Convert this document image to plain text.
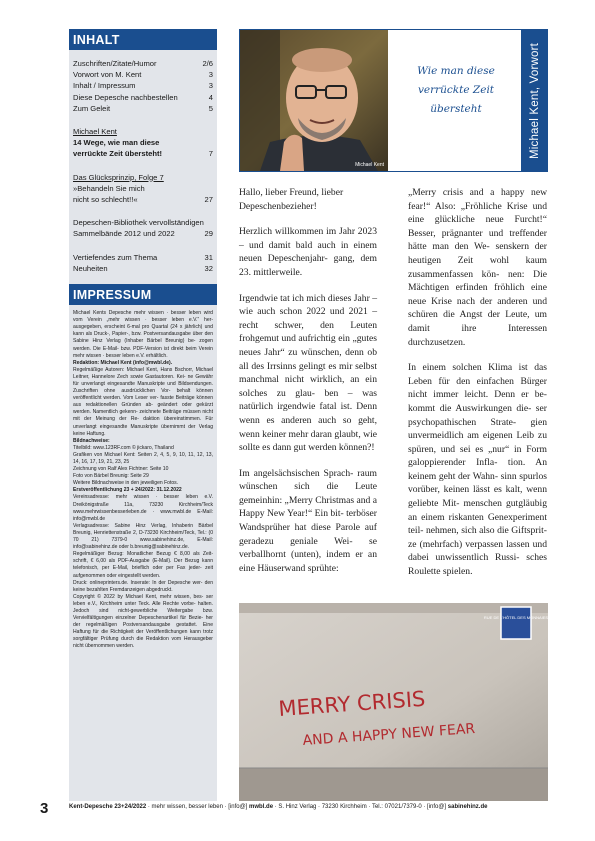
INHALT
Zuschriften/Zitate/Humor	2/6
Vorwort von M. Kent	3
Inhalt / Impressum	3
Diese Depesche nachbestellen	4
Zum Geleit	5
Michael Kent
14 Wege, wie man diese
verrückte Zeit übersteht!	7
Das Glücksprinzip, Folge 7
»Behandeln Sie mich
nicht so schlecht!!«	27
Depeschen-Bibliothek vervollständigen
Sammelbände 2012 und 2022	29
Vertiefendes zum Thema	31
Neuheiten	32
IMPRESSUM

Michael Kents Depesche mehr wissen · besser leben wird vom Verein „mehr wissen · besser leben e.V.“ her- ausgegeben, erscheint 6-mal pro Quartal (24 x jährlich) und kann als Druck-, Papier-, bzw. Postversandausgabe über den Sabine Hinz Verlag (Inhaber Bärbel Breunig) be- zogen werden. Die E-Mail- bzw. PDF-Version ist direkt beim Verein mehr wissen · besser leben e.V. erhältlich.

Redaktion: Michael Kent (info@mwbl.de).

Regelmäßige Autoren: Michael Kent, Hans Bschorr, Michael Leitner, Hannelore Zech sowie Gastautoren. Kei- ne Gewähr für unverlangt eingesandte Manuskripte und Bildsendungen. Zuschriften ohne ausdrücklichen Vor- behalt können veröffentlicht werden. Vom Leser ver- fasste Beiträge können aus redaktionellen Gründen ab- geändert oder gekürzt werden. Namentlich gekenn- zeichnete Beiträge müssen nicht mit der Meinung der Re- daktion übereinstimmen. Für unverlangt eingesandte Manuskripte übernimmt der Verlag keine Haftung.

Bildnachweise:

Titelbild: www.123RF.com © jickaro, Thailand

Grafiken von Michael Kent: Seiten 2, 4, 5, 9, 10, 11, 12, 13, 14, 16, 17, 19, 21, 23, 25

Zeichnung von Ralf Alex Fichtner: Seite 10

Foto von Bärbel Breunig: Seite 29

Weitere Bildnachweise in den jeweiligen Fotos.

Erstveröffentlichung 23 + 24/2022: 31.12.2022

Vereinsadresse: mehr wissen · besser leben e.V. Dreikönigstraße 11a, 73230 Kirchheim/Teck www.mehrwissenbesserleben.de · www.mwbl.de E-Mail: info@mwbl.de

Verlagsadresse: Sabine Hinz Verlag, Inhaberin Bärbel Breunig, Henriettenstraße 2, D-73230 Kirchheim/Teck, Tel.: (0 70 21) 7379-0 www.sabinehinz.de, E-Mail: info@sabinehinz.de oder b.breunig@sabinehinz.de.

Regelmäßiger Bezug: Monatlicher Bezug € 8,00 als Zeit- schrift, € 6,00 als PDF-Ausgabe (E-Mail). Der Bezug kann telefonisch, per E-Mail, brieflich oder per Fax jeder- zeit aufgenommen oder eingestellt werden.

Druck: onlineprinters.de. Inserate: In der Depesche wer- den keine bezahlten Fremdanzeigen abgedruckt.

Copyright © 2022 by Michael Kent, mehr wissen, bes- ser leben e.V., Kirchheim unter Teck. Alle Rechte vorbe- halten. Jedoch sind nicht-gewerbliche Weitergabe bzw. Vervielfältigungen einzelner Depeschenartikel für Bezie- her der regelmäßigen Postversandausgabe gestattet. Eine Haftung für die Richtigkeit der Veröffentlichungen kann trotz sorgfältiger Prüfung durch die Redaktion vom Herausgeber nicht übernommen werden.

Michael Kent
Wie man diese
verrückte Zeit
übersteht	Michael Kent, Vorwort

Hallo, lieber Freund, lieber Depeschenbezieher!

Herzlich willkommen im Jahr 2023 – und damit bald auch in einem neuen Depeschenjahr- gang, dem 23. mittlerweile.

Irgendwie tat ich mich dieses Jahr – wie auch schon 2022 und 2021 – recht schwer, den Leuten frohgemut und aufrichtig ein „gutes neues Jahr“ zu wünschen, denn ob all des Irrsinns gelingt es mir selbst manchmal nicht wirklich, an ein solches zu glau- ben – was natürlich irgendwie fatal ist. Denn wenn es anderen auch so geht, wenn keiner mehr daran glaubt, wie sollte es dann gut werden können?!

Im angelsächsischen Sprach- raum wünschen sich die Leute gemeinhin: „Merry Christmas and a Happy New Year!“ Ein bit- terböser Wandsprüher hat diese Parole auf geradezu geniale Wei- se verballhornt (unten), indem er an eine Häuserwand sprühte:

„Merry crisis and a happy new fear!“ Also: „Fröhliche Krise und eine glückliche neue Furcht!“ Besser, prägnanter und treffender hätte man den We- senskern der heutigen Zeit wohl kaum zusammenfassen kön- nen: Die Mächtigen erfinden fröhlich eine neue Krise nach der anderen und schüren die Angst der Leute, um damit ihre Interessen durchzusetzen.

In einem solchen Klima ist das Leben für den einfachen Bürger nicht immer leicht. Denn er be- kommt die Auswirkungen die- ser psychopathischen Strate- gien unvermeidlich am eigenen Leib zu spüren, und sei es „nur“ in Form galoppierender Infla- tion. An keinem geht der Wahn- sinn spurlos vorüber, keinen lässt es kalt, wenn geliebte Mit- menschen gutgläubig an einem riskanten Genexperiment teil- nehmen, sich also die Giftsprit- ze (mehrfach) verpassen lassen und dabei unwissentlich Russi- sches Roulette spielen.

RUE DE L'HÔTEL DES MONNAIES
MERRY CRISIS
AND A HAPPY NEW FEAR
3	Kent-Depesche 23+24/2022 · mehr wissen, besser leben · [info@] mwbl.de · S. Hinz Verlag · 73230 Kirchheim · Tel.: 07021/7379-0 · [info@] sabinehinz.de
